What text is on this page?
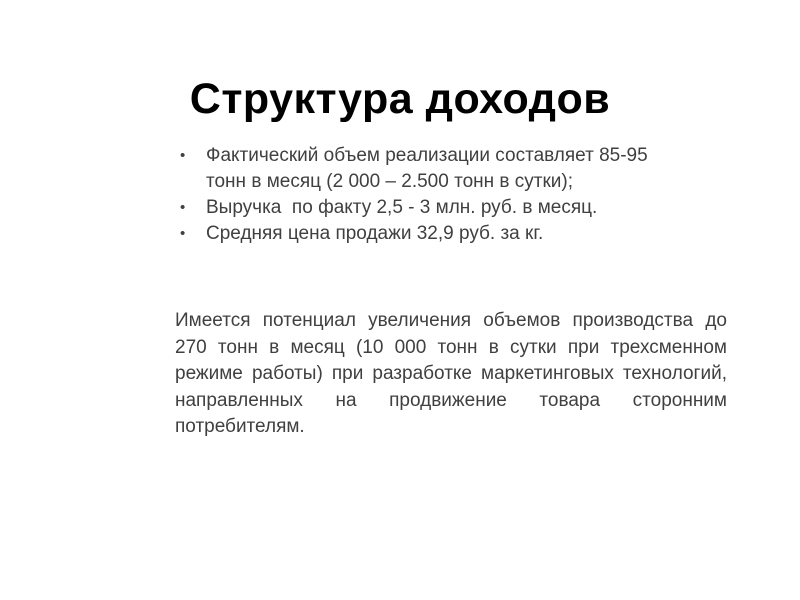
Структура доходов
•	Фактический объем реализации составляет 85-95 тонн в месяц (2 000 – 2.500 тонн в сутки);
•	Выручка  по факту 2,5 - 3 млн. руб. в месяц.
•	Средняя цена продажи 32,9 руб. за кг.

Имеется потенциал увеличения объемов производства до 270 тонн в месяц (10 000 тонн в сутки при трехсменном режиме работы) при разработке маркетинговых технологий, направленных на продвижение товара сторонним потребителям.
